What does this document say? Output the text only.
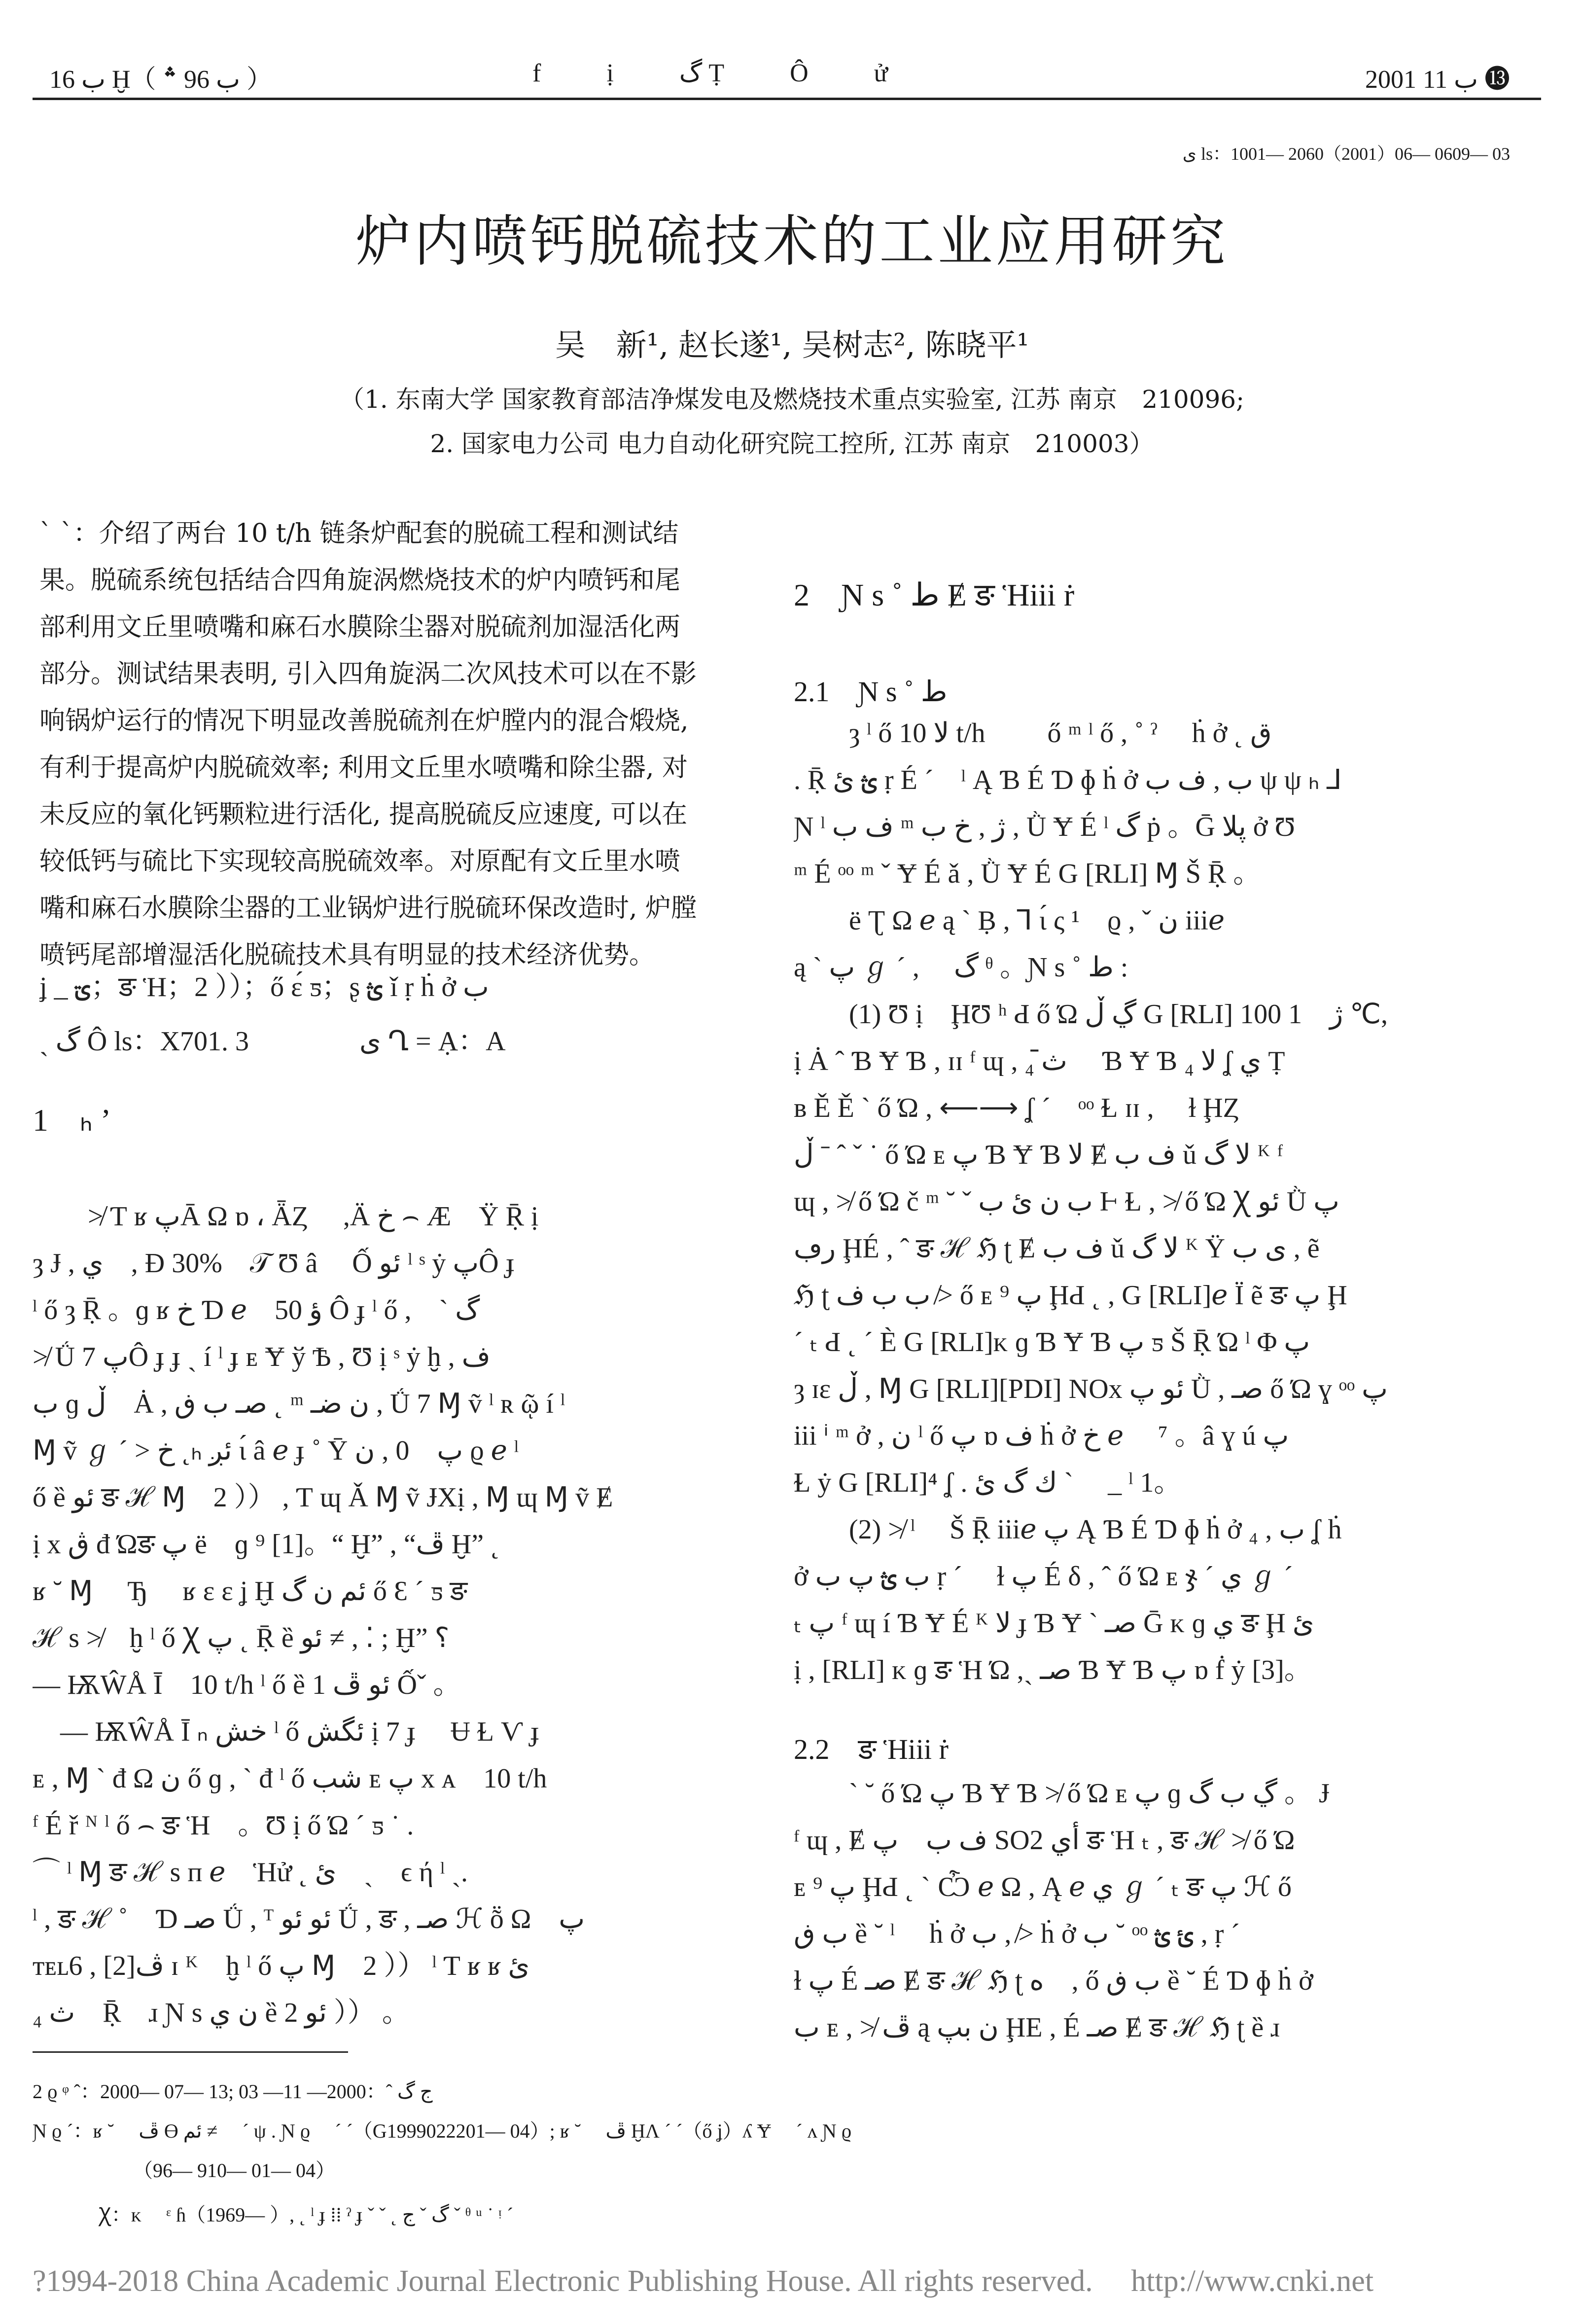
ب 16 Ḫ（ ب 96 ؞ ）	f ị گ Ṭ Ô ử	2001 ب 11 ⓭
ى ls：1001— 2060（2001）06— 0609— 03
炉内喷钙脱硫技术的工业应用研究
吴　新¹, 赵长遂¹, 吴树志², 陈晓平¹
（1. 东南大学 国家教育部洁净煤发电及燃烧技术重点实验室, 江苏 南京　210096;
2. 国家电力公司 电力自动化研究院工控所, 江苏 南京　210003）

ˋ ˋ：介绍了两台 10 t/h 链条炉配套的脱硫工程和测试结

果。脱硫系统包括结合四角旋涡燃烧技术的炉内喷钙和尾

部利用文丘里喷嘴和麻石水膜除尘器对脱硫剂加湿活化两

部分。测试结果表明, 引入四角旋涡二次风技术可以在不影

响锅炉运行的情况下明显改善脱硫剂在炉膛内的混合煅烧,

有利于提高炉内脱硫效率; 利用文丘里水喷嘴和除尘器, 对

未反应的氧化钙颗粒进行活化, 提高脱硫反应速度, 可以在

较低钙与硫比下实现较高脱硫效率。对原配有文丘里水喷

嘴和麻石水膜除尘器的工业锅炉进行脱硫环保改造时, 炉膛

喷钙尾部增湿活化脱硫技术具有明显的技术经济优势。

ʝ _ ؾ；ङ Ἡ；2 ））；ő ɛ́ ƽ；ʂ ؿ ǐ ṛ ḣ ở ب
ˎ گ Ô ls：X701. 3　　　　ى Ղ = Ạ：A
1　ₕ ’
　　≯ Ƭ ʁ پĀ Ω ɒ ، ǞȤ 　,Ä خ ⌢ Æ　Ÿ Ṝ ị
ȝ Ɉ , ي　, Ɖ 30%　𝒯 Ʊ â　 Ố ئو ˡ ˢ ẏ پÔ ɟ
ˡ ő ȝ Ṝ 。ɡ ʁ خ Ɗ ℯ　50 ؤ Ô ɟ ˡ ő ,　ˋ گ
≯ Ǘ 7 پÔ ɟ ɟ ˎ í ˡ ɟ ᴇ Ɏ ў Ѣ , Ʊ ị ˢ ẏ ḫ , ف
ب ɡ ڵ　Ȧ , صـ ب ڧ ˛ ᵐ ن ضـ , Ǘ 7 Ɱ ṽ ˡ ʀ ῷ í ˡ
Ɱ ṽ ℊ ˊ > خ ˛ₕ ئږ ɩ́ â ℯ ɟ ˚ Ȳ پ　0 , ن ϱ ℯ ˡ
ő ȅ ئو ङ ℋ Ɱ　2 ）） , Ƭ ɰ Ǎ Ɱ ṽ ɈXị , Ɱ ɰ Ɱ ṽ Ɇ
ị x ڨ đ Ώङ پ ë　ɡ ⁹ [1]。“ Ḫ” , “ڦ Ḫ” ˛
ʁ ˘ Ɱ　 Ђ　 ʁ ɛ ɛ ʝ Ḫ ئم ن گ ő Ɛ ˊ ƽ ङ
ℋ s ≯　ḫ ˡ ő Ꭓ پ ˛ Ṝ ȅ ئو ≠ , ⁚ ; Ḫ” ؟
— ѬŴÅ Ī　10 t/h ˡ ő ȅ 1 ئو ڦ Ốˇ 。
　— ѬŴÅ Ī ₙ خش ˡ ő ئگش ị 7 ɟ 　Ʉ Ɫ Ѵ ɟ
ᴇ , Ɱ ˋ đ Ω ن ő ɡ , ˋ đ ˡ ő شب ᴇ پ x ᴀ　10 t/h
ᶠ É ř ᴺ ˡ ő ⌢ ङ Ἡ　。Ʊ ị ő Ώ ˊ ƽ ˙ .
⌒ ˡ Ɱ ङ ℋ s ᴨ ℯ　Ἡử ˛ ئ　ˎ　ϵ ή ˡ ˎ.
ˡ , ङ ℋ ˚　Ɗ صـ Ǘ , ᵀ ئو ئو Ǘ , ङ , صـ ℋ ṏ Ω　پ
ᴛᴇʟڤ[2] , 6 ɪ ᴷ　ḫ ˡ ő پ Ɱ　2 ）） ˡ Ƭ ʁ ʁ ئ
₄ ث　Ṝ　ɹ Ɲ s ن ي ȅ ئو 2 ）） 。
2　Ɲ s ˚ ط Ɇ ङ Ἡiii ṙ
2.1　Ɲ s ˚ ط
　　ȝ ˡ ő لا 10 t/h　　 ő ᵐ ˡ ő , ˚ ˀ　 ḣ ở ˛ ق
. Ṝ ؿ ئ ṛ É ˊ　ˡ Ą Ɓ É Ɗ ɸ ḣ ở ب , ف ب ψ ψ ₕ ⅃
Ɲ ˡ ف ب ᵐ ژ , خ ب , Ǜ Ɏ É ˡ گ ṗ 。Ḡ پلا ở Ʊ
ᵐ É ᵒᵒ ᵐ ˇ Ɏ É ǎ , Ǜ Ɏ É G [RLI] Ɱ Š Ṝ 。
　　ë Ʈ Ω ℯ ą ˋ Ḅ , ⅂ ɩ́ ς ¹　ϱ , ˇ ن iiiℯ
ą ˋ پ ℊ ˊ ,　 گ ᶿ 。Ɲ s ˚ ط :
　　(1) Ʊ ị　ḨƱ ʰ Ԁ ő Ώ ڲ ڵ G [RLI] ژ　1 100 ℃,
ị Ȧ ˆ Ɓ Ɏ Ɓ , ɪɪ ᶠ ɰ , ₄ ث̄ 　Ɓ Ɏ Ɓ لا ₄ ʆ ي Ṭ
ʙ Ě Ě ˋ ő Ώ , ⟵⟶ ʆ ˊ　ᵒᵒ Ɫ ɪɪ ,　 ɫ ḨȤ
ڵ ˉ ˆ ˇ ˙ ő Ώ ᴇ پ Ɓ Ɏ Ɓ لا Ɇ ف ب ǔ لا گ ᴷ ᶠ
ɰ , ≯ ő Ώ č ᵐ ˘ ˇ ب ن ئ ب Ⱶ Ɫ , ≯ ő Ώ Ꭓ ئو Ǜ پ
رڢ ḨÉ , ˆ ङ ℋ ℌ ʈ Ɇ ف ب ǔ لا گ ᴷ Ÿ ى ب , ẽ
ℌ ʈ ب ب ف ≯ ő ᴇ پ ⁹ ḨԀ ˛ , G [RLI]ℯ Ï ẽ ङ پ Ḩ
ˊ ₜ Ԁ ˛ ˊ È G [RLI]ᴋ ɡ Ɓ Ɏ Ɓ پ ƽ Š Ṝ Ώ ˡ Φ پ
ȝ ɪɛ ڵ , Ɱ G [RLI][PDI] NOx ئو پ Ǜ , صـ ő Ώ ɣ ᵒᵒ پ
iii ⁱ ᵐ ở , ن ˡ ő پ ɒ ف ḣ ở خ ℯ　 ⁷ 。â ɣ ú پ
Ɫ ẏ G [RLI]⁴ ʆ . ك گ ئ ˋ　 _ ˡ 1。
　　(2) ≯ ˡ　 Š Ṝ iiiℯ پ Ą Ɓ É Ɗ ɸ ḣ ở ب , ₄ ʆ ḣ
ở ب ؿ پ ب ṛ ˊ　 ɫ پ É δ , ˆ ő Ώ ᴇ ჯ ˊ ي ℊ ˊ
ₜ پ ᶠ ɰ í Ɓ Ɏ É ᴷ لا ɟ Ɓ Ɏ ˋ صـ Ḡ ᴋ ɡ ي ङ Ḩ ئ
ị , [RLI] ᴋ ɡ ङ Ἡ Ώ ,ˎ صـ Ɓ Ɏ Ɓ پ ɒ ḟ ẏ [3]。
2.2　ङ Ἡiii ṙ
　　ˋ ˘ ő Ώ پ Ɓ Ɏ Ɓ ≯ ő Ώ ᴇ پ ɡ ڲ ب گ 。 Ɉ
ᶠ ɰ , Ɇ ف ب　پ SO2 أي ङ Ἡ ₜ , ङ ℋ ≯ ő Ώ
ᴇ پ ⁹ ḨԀ ˛ ˋ Ѽ ℯ Ω , Ą ℯ ي ℊ ˊ ₜ ङ پ ℋ ő
ب ڧ ȅ ˘ ˡ　 ḣ ở ب , ≯ ḣ ở ب ˘ ᵒᵒ ئ ؿ , ṛ ˊ
ɫ پ É صـ Ɇ ङ ℋ ℌ ʈ ه　, ő ب ڧ ȅ ˘ É Ɗ ɸ ḣ ở
ب ᴇ , ≯ ڦ ą ن بپ ḨE , É صـ Ɇ ङ ℋ ℌ ʈ ȅ ɹ
2 ϱ ᵠ ˆ：2000— 07— 13; ج گ ˆ：2000— 11— 03
Ɲ ϱ ˊ：ʁ ˘　 ڦ Ɵ ئم ≠ 　ˊ ψ . Ɲ ϱ　 ˊ ˊ（G1999022201— 04）; ʁ ˘　 ڦ ḪɅ ˊ ˊ（ő ʝ）ʎ Ɏ　 ˊ ʌ Ɲ ϱ
（96— 910— 01— 04）
Ꭓ：ᴋ 　ᵋ ɦ（1969— ）, ˛ ˡ ɟ ⁞⁞ ˀ ɟ ˇ ˇ ˛ گ ˇ ج ˇ ᶿ ᵘ ˙ ᵎ ˊ
?1994-2018 China Academic Journal Electronic Publishing House. All rights reserved.　 http://www.cnki.net
